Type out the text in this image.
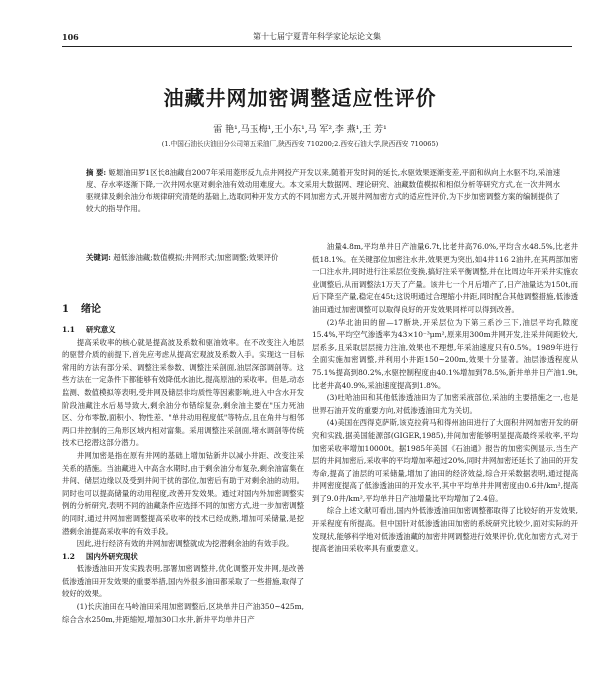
106	第十七届宁夏青年科学家论坛论文集
油藏井网加密调整适应性评价
雷 艳¹,马玉梅¹,王小东¹,马 军²,李 燕¹,王 芳¹
(1.中国石油长庆油田分公司第五采油厂,陕西西安 710200;2.西安石油大学,陕西西安 710065)
摘 要: 姬塬油田罗1区长8油藏自2007年采用菱形反九点井网投产开发以来,随着开发时间的延长,水驱效果逐渐变差,平面和纵向上水驱不均,采油速度、存水率逐渐下降,一次井网水驱对剩余油有效动用难度大。本文采用大数据网、理论研究、油藏数值模拟和相似分析等研究方式,在一次井网水驱规律及剩余油分布规律研究清楚的基础上,选取同种开发方式的不同加密方式,开展井网加密方式的适应性评价,为下步加密调整方案的编制提供了较大的指导作用。
关键词: 超低渗油藏;数值模拟;井网形式;加密调整;效果评价
1 绪论

1.1 研究意义

提高采收率的核心就是提高波及系数和驱油效率。在不改变注入地层的驱替介质的前提下,首先应考虑从提高宏观波及系数入手。实现这一目标常用的方法有部分采、调整注采参数、调整注采剖面,油层深部调剖等。这些方法在一定条件下都能够有效降低水油比,提高原油的采收率。但是,动态监测、数值模拟等表明,受井网及储层非均质性等因素影响,进入中含水开发阶段油藏注水后易导致大,剩余油分布错综复杂,剩余油主要在"压力死油区、分布零散,面积小、物性差、"单井动用程度低"等特点,且在角井与相邻两口井控制的三角形区域内相对富集。采用调整注采剖面,堵水调剖等传统技术已挖潜这部分潜力。

井网加密是指在原有井网的基础上增加钻新井以减小井距、改变注采关系的措施。当油藏进入中高含水期时,由于剩余油分布复杂,剩余油富集在井间、储层边缘以及受到井间干扰的部位,加密后有助于对剩余油的动用。同时也可以提高储量的动用程度,改善开发效果。通过对国内外加密调整实例的分析研究,表明不同的油藏条件应选择不同的加密方式,进一步加密调整的同时,通过井网加密调整提高采收率的技术已经成熟,增加可采储量,是挖潜剩余油提高采收率的有效手段。

因此,进行经济有效的井网加密调整就成为挖潜剩余油的有效手段。

1.2 国内外研究现状

低渗透油田开发实践表明,部署加密调整井,优化调整开发井网,是改善低渗透油田开发效果的重要举措,国内外很多油田都采取了一些措施,取得了较好的效果。

(1)长庆油田在马岭油田采用加密调整后,区块单井日产油350~425m,综合含水250m,井距缩短,增加30口水井,新井平均单井日产

油量4.8m,平均单井日产油量6.7t,比老井高76.0%,平均含水48.5%,比老井低18.1%。在关键部位加密注水井,效果更为突出,如4井116 2油井,在其两部加密一口注水井,同时进行注采层位变换,搞好注采平衡调整,并在比周边年开采井实施农业调整后,从而调整法1万天了产量。该井七一个月后增产了,日产油量达为150t,而后下降至产量,稳定在45t;这说明通过合理缩小井距,同时配合其他调整措施,低渗透油田通过加密调整可以取得良好的开发效果同样可以得到改善。

(2)华北油田的留—17断块,开采层位为下第三系沙三下,油层平均孔隙度15.4%,平均空气渗透率为43×10⁻³μm²,原来用300m井网开发,注采井间距较大,层系多,且采取层层接力注油,效果也不理想,年采油速度只有0.5%。1989年进行全面实施加密调整,并利用小井距150~200m,效果十分显著。油层渗透程度从75.1%提高到80.2%,水驱控制程度由40.1%增加到78.5%,新井单井日产油1.9t,比老井高40.9%,采油速度提高到1.8%。

(3)吐哈油田和其他低渗透油田为了加密采液部位,采油的主要措施之一,也是世界石油开发的重要方向,对低渗透油田尤为关切。

(4)美国在西得克萨斯,该克拉荷马和得州油田进行了大面积井网加密开发的研究和实践,据美国能源部(GIGER,1985),井间加密能够明显提高最终采收率,平均加密采收率增加10000t。据1985年美国《石油通》报告的加密实例显示,当生产层的井间加密后,采收率的平均增加率超过20%,同时井网加密还延长了油田的开发寿命,提高了油层的可采储量,增加了油田的经济效益,综合开采数据表明,通过提高井网密度提高了低渗透油田的开发水平,其中平均单井井网密度由0.6井/km²,提高到了9.0井/km²,平均单井日产油增量比平均增加了2.4倍。

综合上述文献可看出,国内外低渗透油田加密调整都取得了比较好的开发效果,开采程度有所提高。但中国针对低渗透油田加密的系统研究比较少,面对实际的开发现状,能够科学地对低渗透油藏的加密井网调整进行效果评价,优化加密方式,对于提高老油田采收率具有重要意义。
